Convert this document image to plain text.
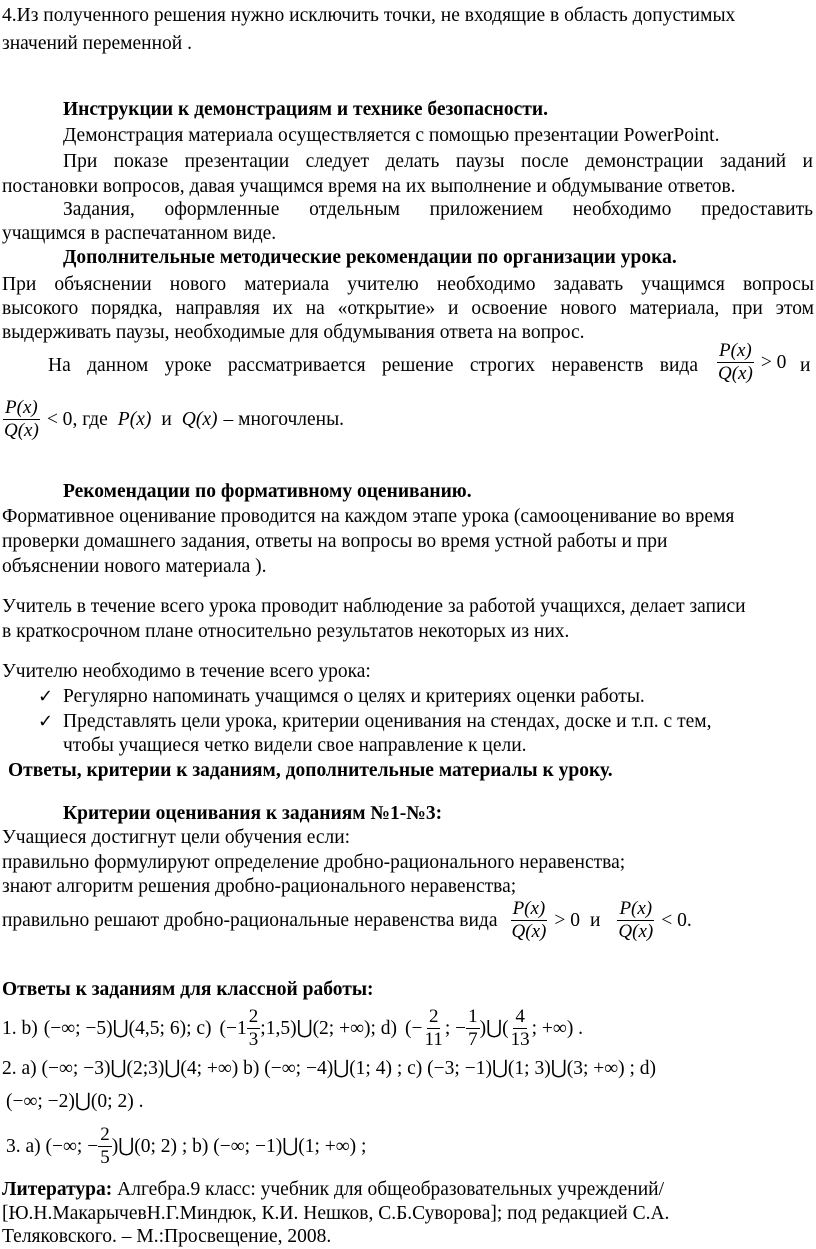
4.Из полученного решения нужно исключить точки, не входящие в область допустимых
значений переменной .
Инструкции к демонстрациям и технике безопасности.
Демонстрация материала осуществляется с помощью презентации PowerPoint.
При показе презентации следует делать паузы после демонстрации заданий и
постановки вопросов, давая учащимся время на их выполнение и обдумывание ответов.
Задания, оформленные отдельным приложением необходимо предоставить
учащимся в распечатанном виде.
Дополнительные методические рекомендации по организации урока.
При объяснении нового материала учителю необходимо задавать учащимся вопросы
высокого порядка, направляя их на «открытие» и освоение нового материала, при этом
выдерживать паузы, необходимые для обдумывания ответа на вопрос.
На данном уроке рассматривается решение строгих неравенств вида $\frac{P(x)}{Q(x)} > 0$ и
$\frac{P(x)}{Q(x)} < 0$ , где P(x) и Q(x) – многочлены.
Рекомендации по формативному оцениванию.
Формативное оценивание проводится на каждом этапе урока (самооценивание во время
проверки домашнего задания, ответы на вопросы во время устной работы и при
объяснении нового материала ).
Учитель в течение всего урока проводит наблюдение за работой учащихся, делает записи
в краткосрочном плане относительно результатов некоторых из них.
Учителю необходимо в течение всего урока:
✓ Регулярно напоминать учащимся о целях и критериях оценки работы.
✓ Представлять цели урока, критерии оценивания на стендах, доске и т.п. с тем,
чтобы учащиеся четко видели свое направление к цели.
Ответы, критерии к заданиям, дополнительные материалы к уроку.
Критерии оценивания к заданиям №1-№3:
Учащиеся достигнут цели обучения если:
правильно формулируют определение дробно-рационального неравенства;
знают алгоритм решения дробно-рационального неравенства;
правильно решают дробно-рациональные неравенства вида $\frac{P(x)}{Q(x)} > 0$ и $\frac{P(x)}{Q(x)} < 0$ .
Ответы к заданиям для классной работы:
1. b) (−∞; −5)⋃(4,5; 6) ; c) ($-1 \frac{2}{3}$ ;1,5)⋃(2; +∞) ; d) (− $\frac{2}{11}$ ; − $\frac{1}{7}$ )⋃( $\frac{4}{13}$ ; +∞) .
2. a) (−∞; −3)⋃(2;3)⋃(4; +∞) b) (−∞; −4)⋃(1; 4) ; c) (−3; −1)⋃(1; 3)⋃(3; +∞) ; d)
(−∞; −2)⋃(0; 2) .
3. a) (−∞; − $\frac{2}{5}$ )⋃(0; 2) ; b) (−∞; −1)⋃(1; +∞) ;
Литература: Алгебра.9 класс: учебник для общеобразовательных учреждений/
[Ю.Н.МакарычевН.Г.Миндюк, К.И. Нешков, С.Б.Суворова]; под редакцией С.А.
Теляковского. – М.:Просвещение, 2008.
